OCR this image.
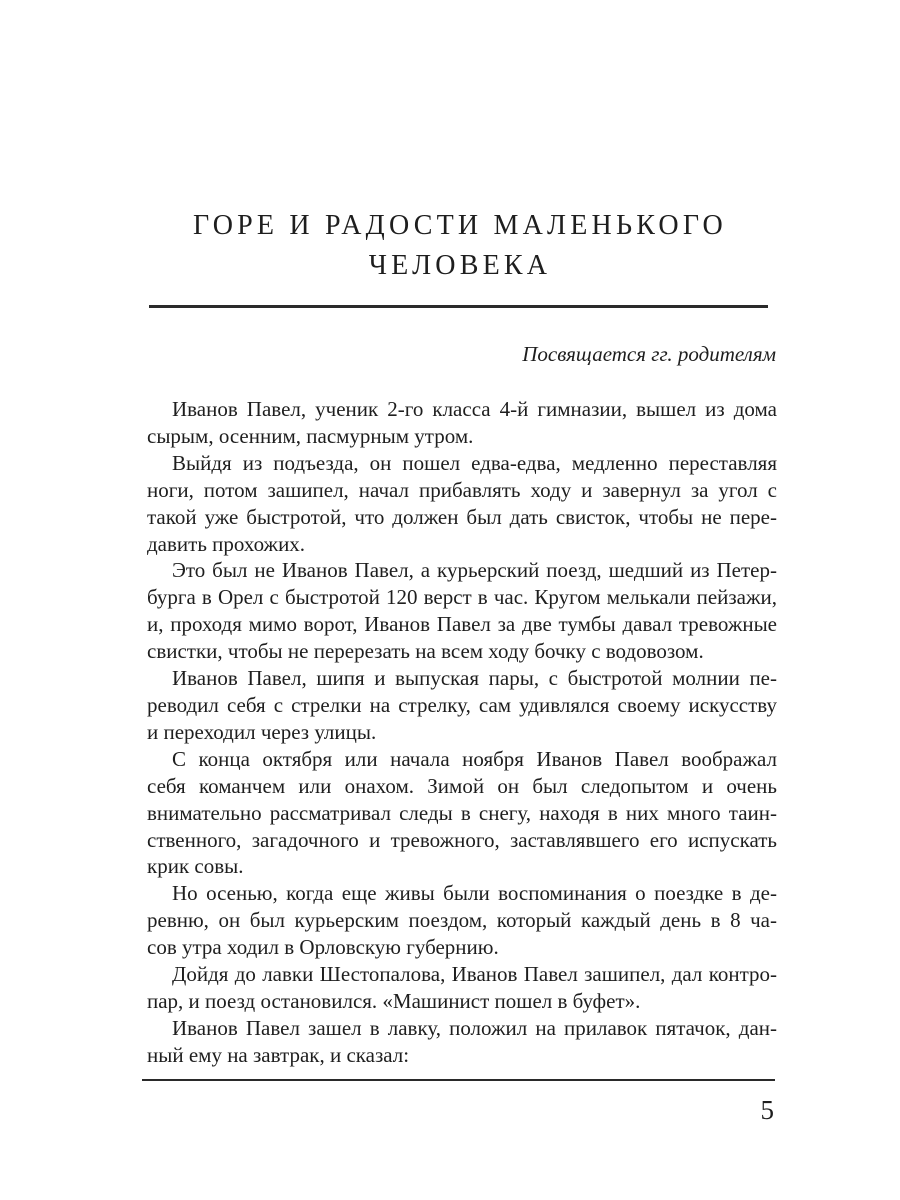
ГОРЕ И РАДОСТИ МАЛЕНЬКОГО
ЧЕЛОВЕКА

Посвящается гг. родителям

Иванов Павел, ученик 2-го класса 4-й гимназии, вышел из дома
сырым, осенним, пасмурным утром.

Выйдя из подъезда, он пошел едва-едва, медленно переставляя
ноги, потом зашипел, начал прибавлять ходу и завернул за угол с
такой уже быстротой, что должен был дать свисток, чтобы не пере-
давить прохожих.

Это был не Иванов Павел, а курьерский поезд, шедший из Петер-
бурга в Орел с быстротой 120 верст в час. Кругом мелькали пейзажи,
и, проходя мимо ворот, Иванов Павел за две тумбы давал тревожные
свистки, чтобы не перерезать на всем ходу бочку с водовозом.

Иванов Павел, шипя и выпуская пары, с быстротой молнии пе-
реводил себя с стрелки на стрелку, сам удивлялся своему искусству
и переходил через улицы.

С конца октября или начала ноября Иванов Павел воображал
себя команчем или онахом. Зимой он был следопытом и очень
внимательно рассматривал следы в снегу, находя в них много таин-
ственного, загадочного и тревожного, заставлявшего его испускать
крик совы.

Но осенью, когда еще живы были воспоминания о поездке в де-
ревню, он был курьерским поездом, который каждый день в 8 ча-
сов утра ходил в Орловскую губернию.

Дойдя до лавки Шестопалова, Иванов Павел зашипел, дал контро-
пар, и поезд остановился. «Машинист пошел в буфет».

Иванов Павел зашел в лавку, положил на прилавок пятачок, дан-
ный ему на завтрак, и сказал:

5
